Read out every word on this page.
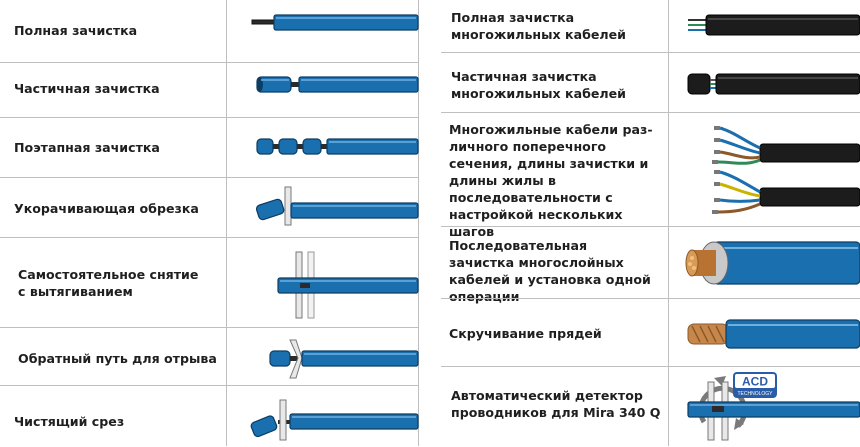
Полная зачистка
Частичная зачистка
Поэтапная зачистка
Укорачивающая обрезка
Самостоятельное снятие с вытягиванием
Обратный путь для отрыва
Чистящий срез
Полная зачистка многожильных кабелей
Частичная зачистка многожильных кабелей
Многожильные кабели раз-личного поперечного сечения, длины зачистки и длины жилы в последовательности с настройкой нескольких шагов
Последовательная зачистка многослойных кабелей и установка одной операции
Скручивание прядей
Автоматический детектор проводников для Mira 340 Q
ACD
TECHNOLOGY
